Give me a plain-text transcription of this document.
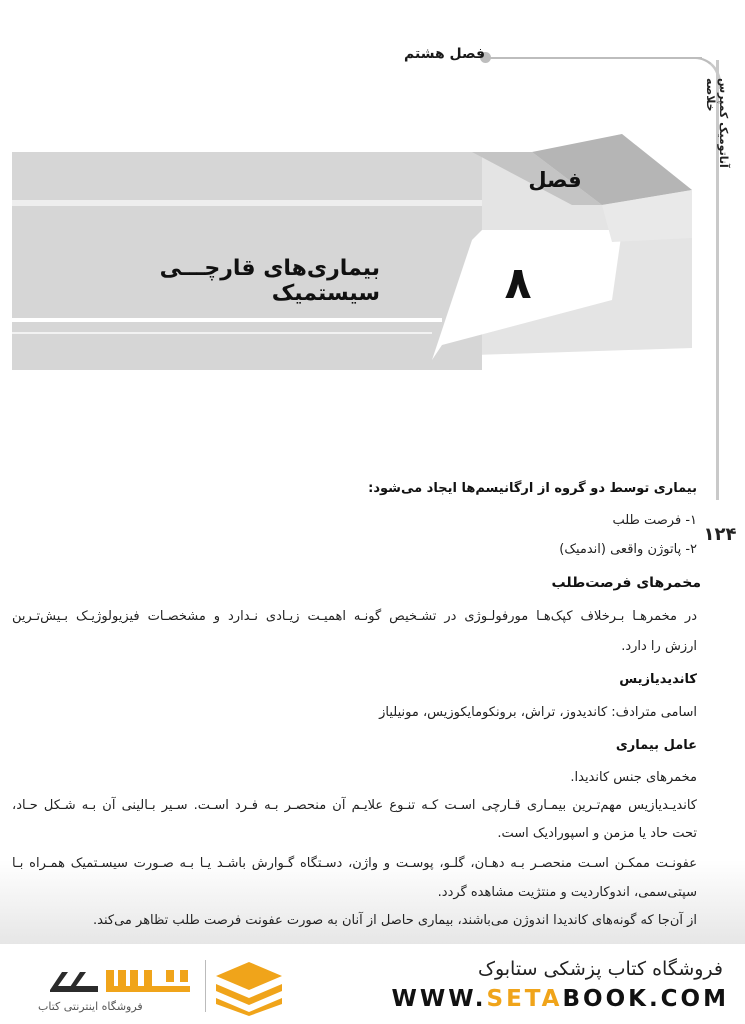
فصل هشتم
آناتومیک کمپرس خلاصه
فصل
۸
بیماری‌های قارچـــی سیستمیک
۱۲۴
بیماری توسط دو گروه از ارگانیسم‌ها ایجاد می‌شود:
۱- فرصت طلب
۲- پاتوژن واقعی (اندمیک)
مخمرهای فرصت‌طلب
در مخمرهـا بـرخلاف کپک‌هـا مورفولـوژی در تشـخیص گونـه اهمیـت زیـادی نـدارد و مشخصـات فیزیولوژیـک بـیش‌تـرین
ارزش را دارد.
کاندیدیازیس
اسامی مترادف: کاندیدوز، تراش، برونکومایکوزیس، مونیلیاز
عامل بیماری
مخمرهای جنس کاندیدا.
کاندیـدیازیس مهم‌تـرین بیمـاری قـارچی اسـت کـه تنـوع علایـم آن منحصـر بـه فـرد اسـت. سـیر بـالینی آن بـه شـکل حـاد،
تحت حاد یا مزمن و اسپورادیک است.
عفونـت ممکـن اسـت منحصـر بـه دهـان، گلـو، پوسـت و واژن، دسـتگاه گـوارش باشـد یـا بـه صـورت سیسـتمیک همـراه بـا
سپتی‌سمی، اندوکاردیت و منتژیت مشاهده گردد.
از آن‌جا که گونه‌های کاندیدا اندوژن می‌باشند، بیماری حاصل از آنان به صورت عفونت فرصت طلب تظاهر می‌کند.
فروشگاه اینترنتی کتاب
فروشگاه کتاب پزشکی ستابوک
WWW.SETABOOK.COM
